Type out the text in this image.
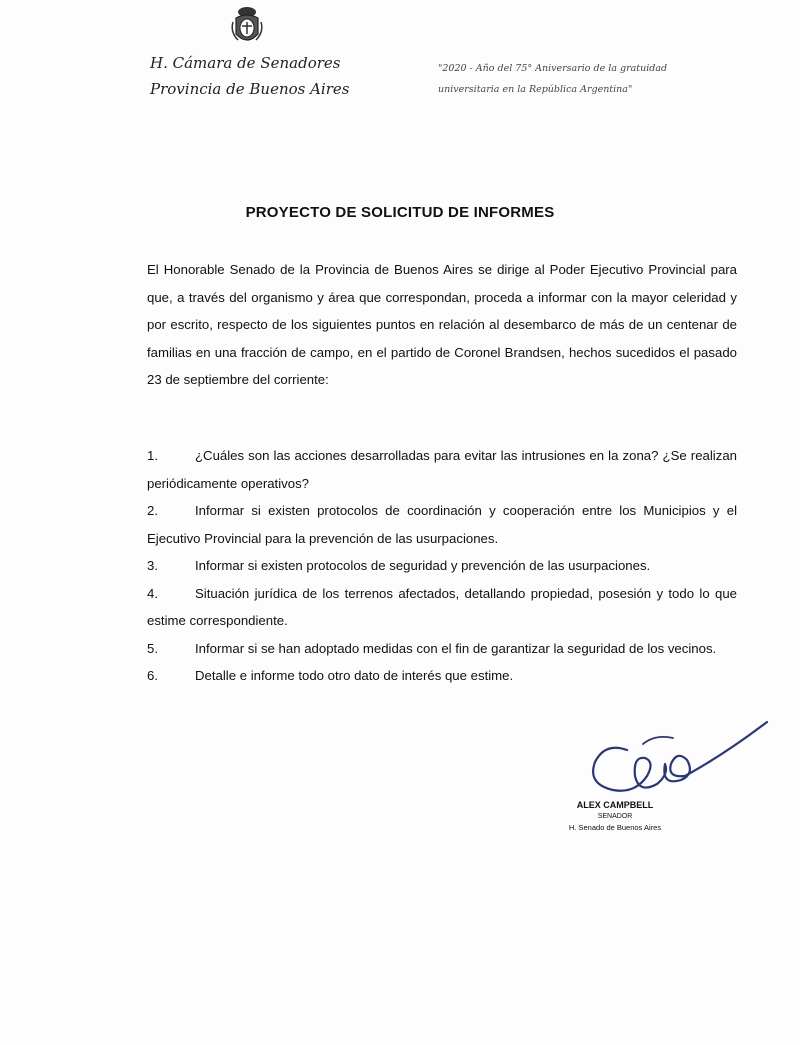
H. Cámara de Senadores
Provincia de Buenos Aires
"2020 - Año del 75° Aniversario de la gratuidad
universitaria en la República Argentina"
PROYECTO DE SOLICITUD DE INFORMES

El Honorable Senado de la Provincia de Buenos Aires se dirige al Poder Ejecutivo Provincial para que, a través del organismo y área que correspondan, proceda a informar con la mayor celeridad y por escrito, respecto de los siguientes puntos en relación al desembarco de más de un centenar de familias en una fracción de campo, en el partido de Coronel Brandsen, hechos sucedidos el pasado 23 de septiembre del corriente:

1.	¿Cuáles son las acciones desarrolladas para evitar las intrusiones en la zona? ¿Se realizan periódicamente operativos?
2.	Informar si existen protocolos de coordinación y cooperación entre los Municipios y el Ejecutivo Provincial para la prevención de las usurpaciones.
3.	Informar si existen protocolos de seguridad y prevención de las usurpaciones.
4.	Situación jurídica de los terrenos afectados, detallando propiedad, posesión y todo lo que estime correspondiente.
5.	Informar si se han adoptado medidas con el fin de garantizar la seguridad de los vecinos.
6.	Detalle e informe todo otro dato de interés que estime.
ALEX CAMPBELL
SENADOR
H. Senado de Buenos Aires
